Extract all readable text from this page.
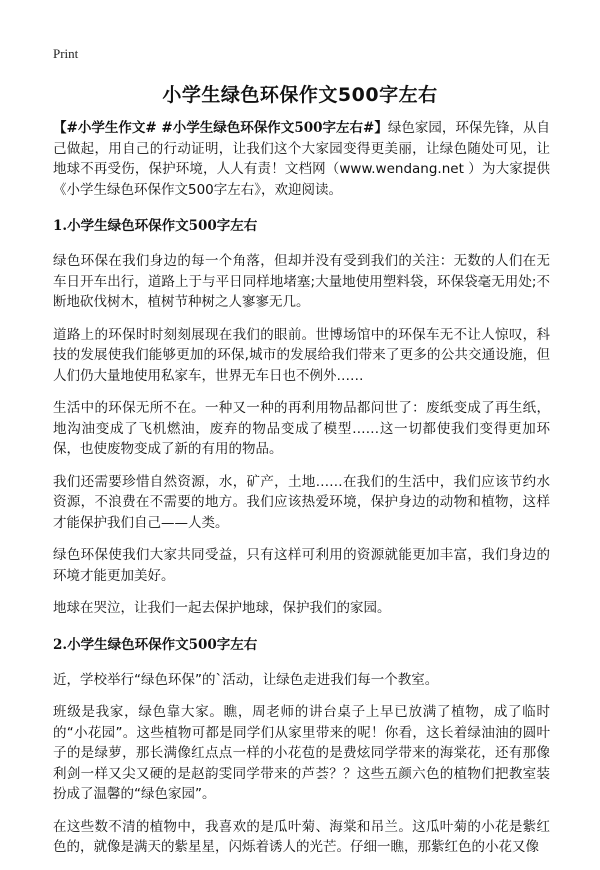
Print
小学生绿色环保作文500字左右

【#小学生作文# #小学生绿色环保作文500字左右#】绿色家园，环保先锋，从自己做起，用自己的行动证明，让我们这个大家园变得更美丽，让绿色随处可见，让地球不再受伤，保护环境，人人有责！文档网（www.wendang.net ）为大家提供《小学生绿色环保作文500字左右》，欢迎阅读。

1.小学生绿色环保作文500字左右

绿色环保在我们身边的每一个角落，但却并没有受到我们的关注：无数的人们在无车日开车出行，道路上于与平日同样地堵塞;大量地使用塑料袋，环保袋毫无用处;不断地砍伐树木，植树节种树之人寥寥无几。

道路上的环保时时刻刻展现在我们的眼前。世博场馆中的环保车无不让人惊叹，科技的发展使我们能够更加的环保,城市的发展给我们带来了更多的公共交通设施，但人们仍大量地使用私家车，世界无车日也不例外……

生活中的环保无所不在。一种又一种的再利用物品都问世了：废纸变成了再生纸，地沟油变成了飞机燃油，废弃的物品变成了模型……这一切都使我们变得更加环保，也使废物变成了新的有用的物品。

我们还需要珍惜自然资源，水，矿产，土地……在我们的生活中，我们应该节约水资源，不浪费在不需要的地方。我们应该热爱环境，保护身边的动物和植物，这样才能保护我们自己——人类。

绿色环保使我们大家共同受益，只有这样可利用的资源就能更加丰富，我们身边的环境才能更加美好。

地球在哭泣，让我们一起去保护地球，保护我们的家园。

2.小学生绿色环保作文500字左右

近，学校举行“绿色环保”的`活动，让绿色走进我们每一个教室。

班级是我家，绿色靠大家。瞧，周老师的讲台桌子上早已放满了植物，成了临时的“小花园”。这些植物可都是同学们从家里带来的呢！你看，这长着绿油油的圆叶子的是绿萝，那长满像红点点一样的小花苞的是费炫同学带来的海棠花，还有那像利剑一样又尖又硬的是赵韵雯同学带来的芦荟？？这些五颜六色的植物们把教室装扮成了温馨的“绿色家园”。

在这些数不清的植物中，我喜欢的是瓜叶菊、海棠和吊兰。这瓜叶菊的小花是紫红色的，就像是满天的紫星星，闪烁着诱人的光芒。仔细一瞧，那紫红色的小花又像
